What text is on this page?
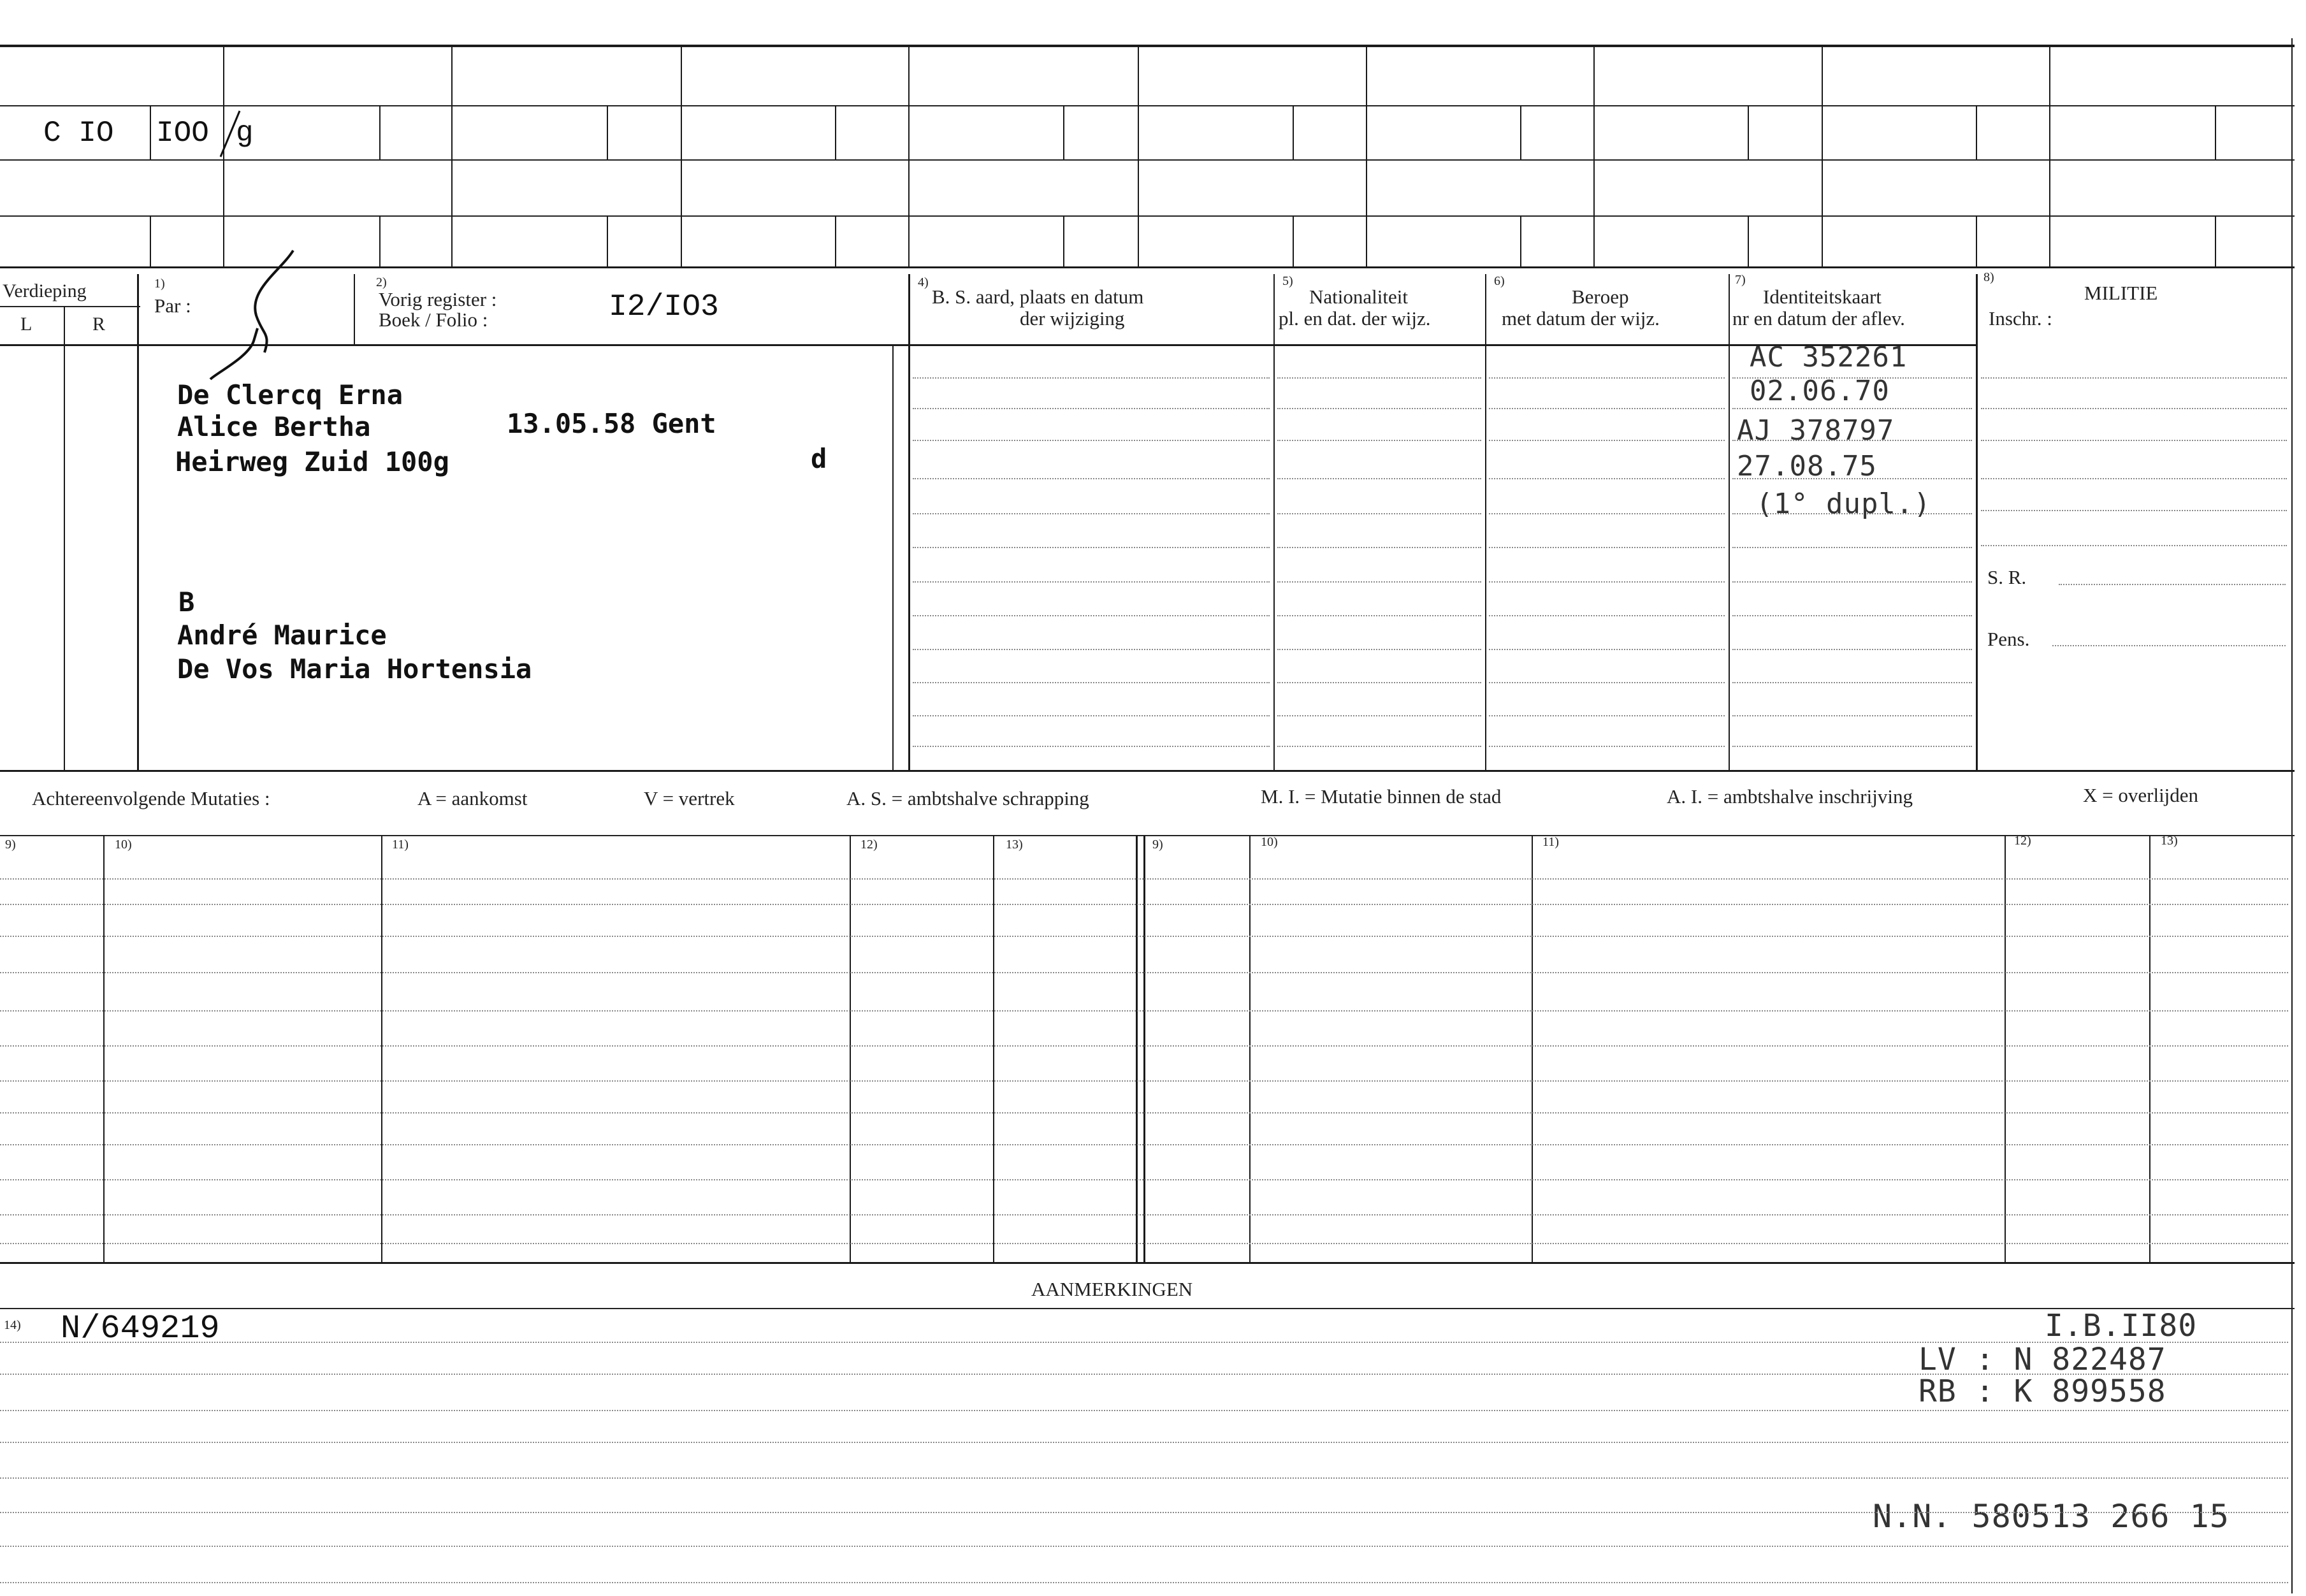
C IO IOO g
Verdieping
L	R
1)
Par :
2)
Vorig register :
Boek / Folio :	I2/IO3
4)
B. S. aard, plaats en datum
der wijziging
5)
Nationaliteit
pl. en dat. der wijz.
6)
Beroep
met datum der wijz.
7)
Identiteitskaart
nr en datum der aflev.
8)
MILITIE
Inschr. :
S. R.
Pens.
De Clercq Erna
Alice Bertha	13.05.58 Gent
Heirweg Zuid 100g	d
B
André Maurice
De Vos Maria Hortensia
AC 352261
02.06.70
AJ 378797
27.08.75
(1° dupl.)
Achtereenvolgende Mutaties :	A = aankomst	V = vertrek	A. S. = ambtshalve schrapping	M. I. = Mutatie binnen de stad	A. I. = ambtshalve inschrijving	X = overlijden
9)	10)	11)	12)	13)	9)	10)	11)	12)	13)
AANMERKINGEN
14) N/649219	I.B.II80
LV : N 822487
RB : K 899558
N.N. 580513 266 15
